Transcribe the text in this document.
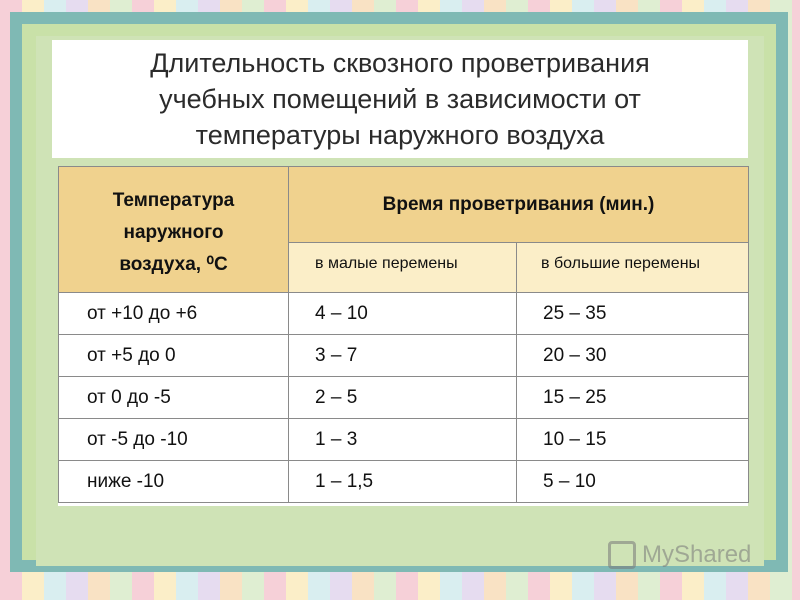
Длительность сквозного проветривания
учебных помещений в зависимости от
температуры наружного воздуха
Температура
наружного
воздуха, ⁰С	Время проветривания (мин.)	
	в малые перемены	в большие перемены
от +10 до +6	4 – 10	25 – 35
от +5 до 0	3 – 7	20 – 30
от 0 до -5	2 – 5	15 – 25
от -5 до -10	1 – 3	10 – 15
ниже -10	1 – 1,5	5 – 10
MyShared
